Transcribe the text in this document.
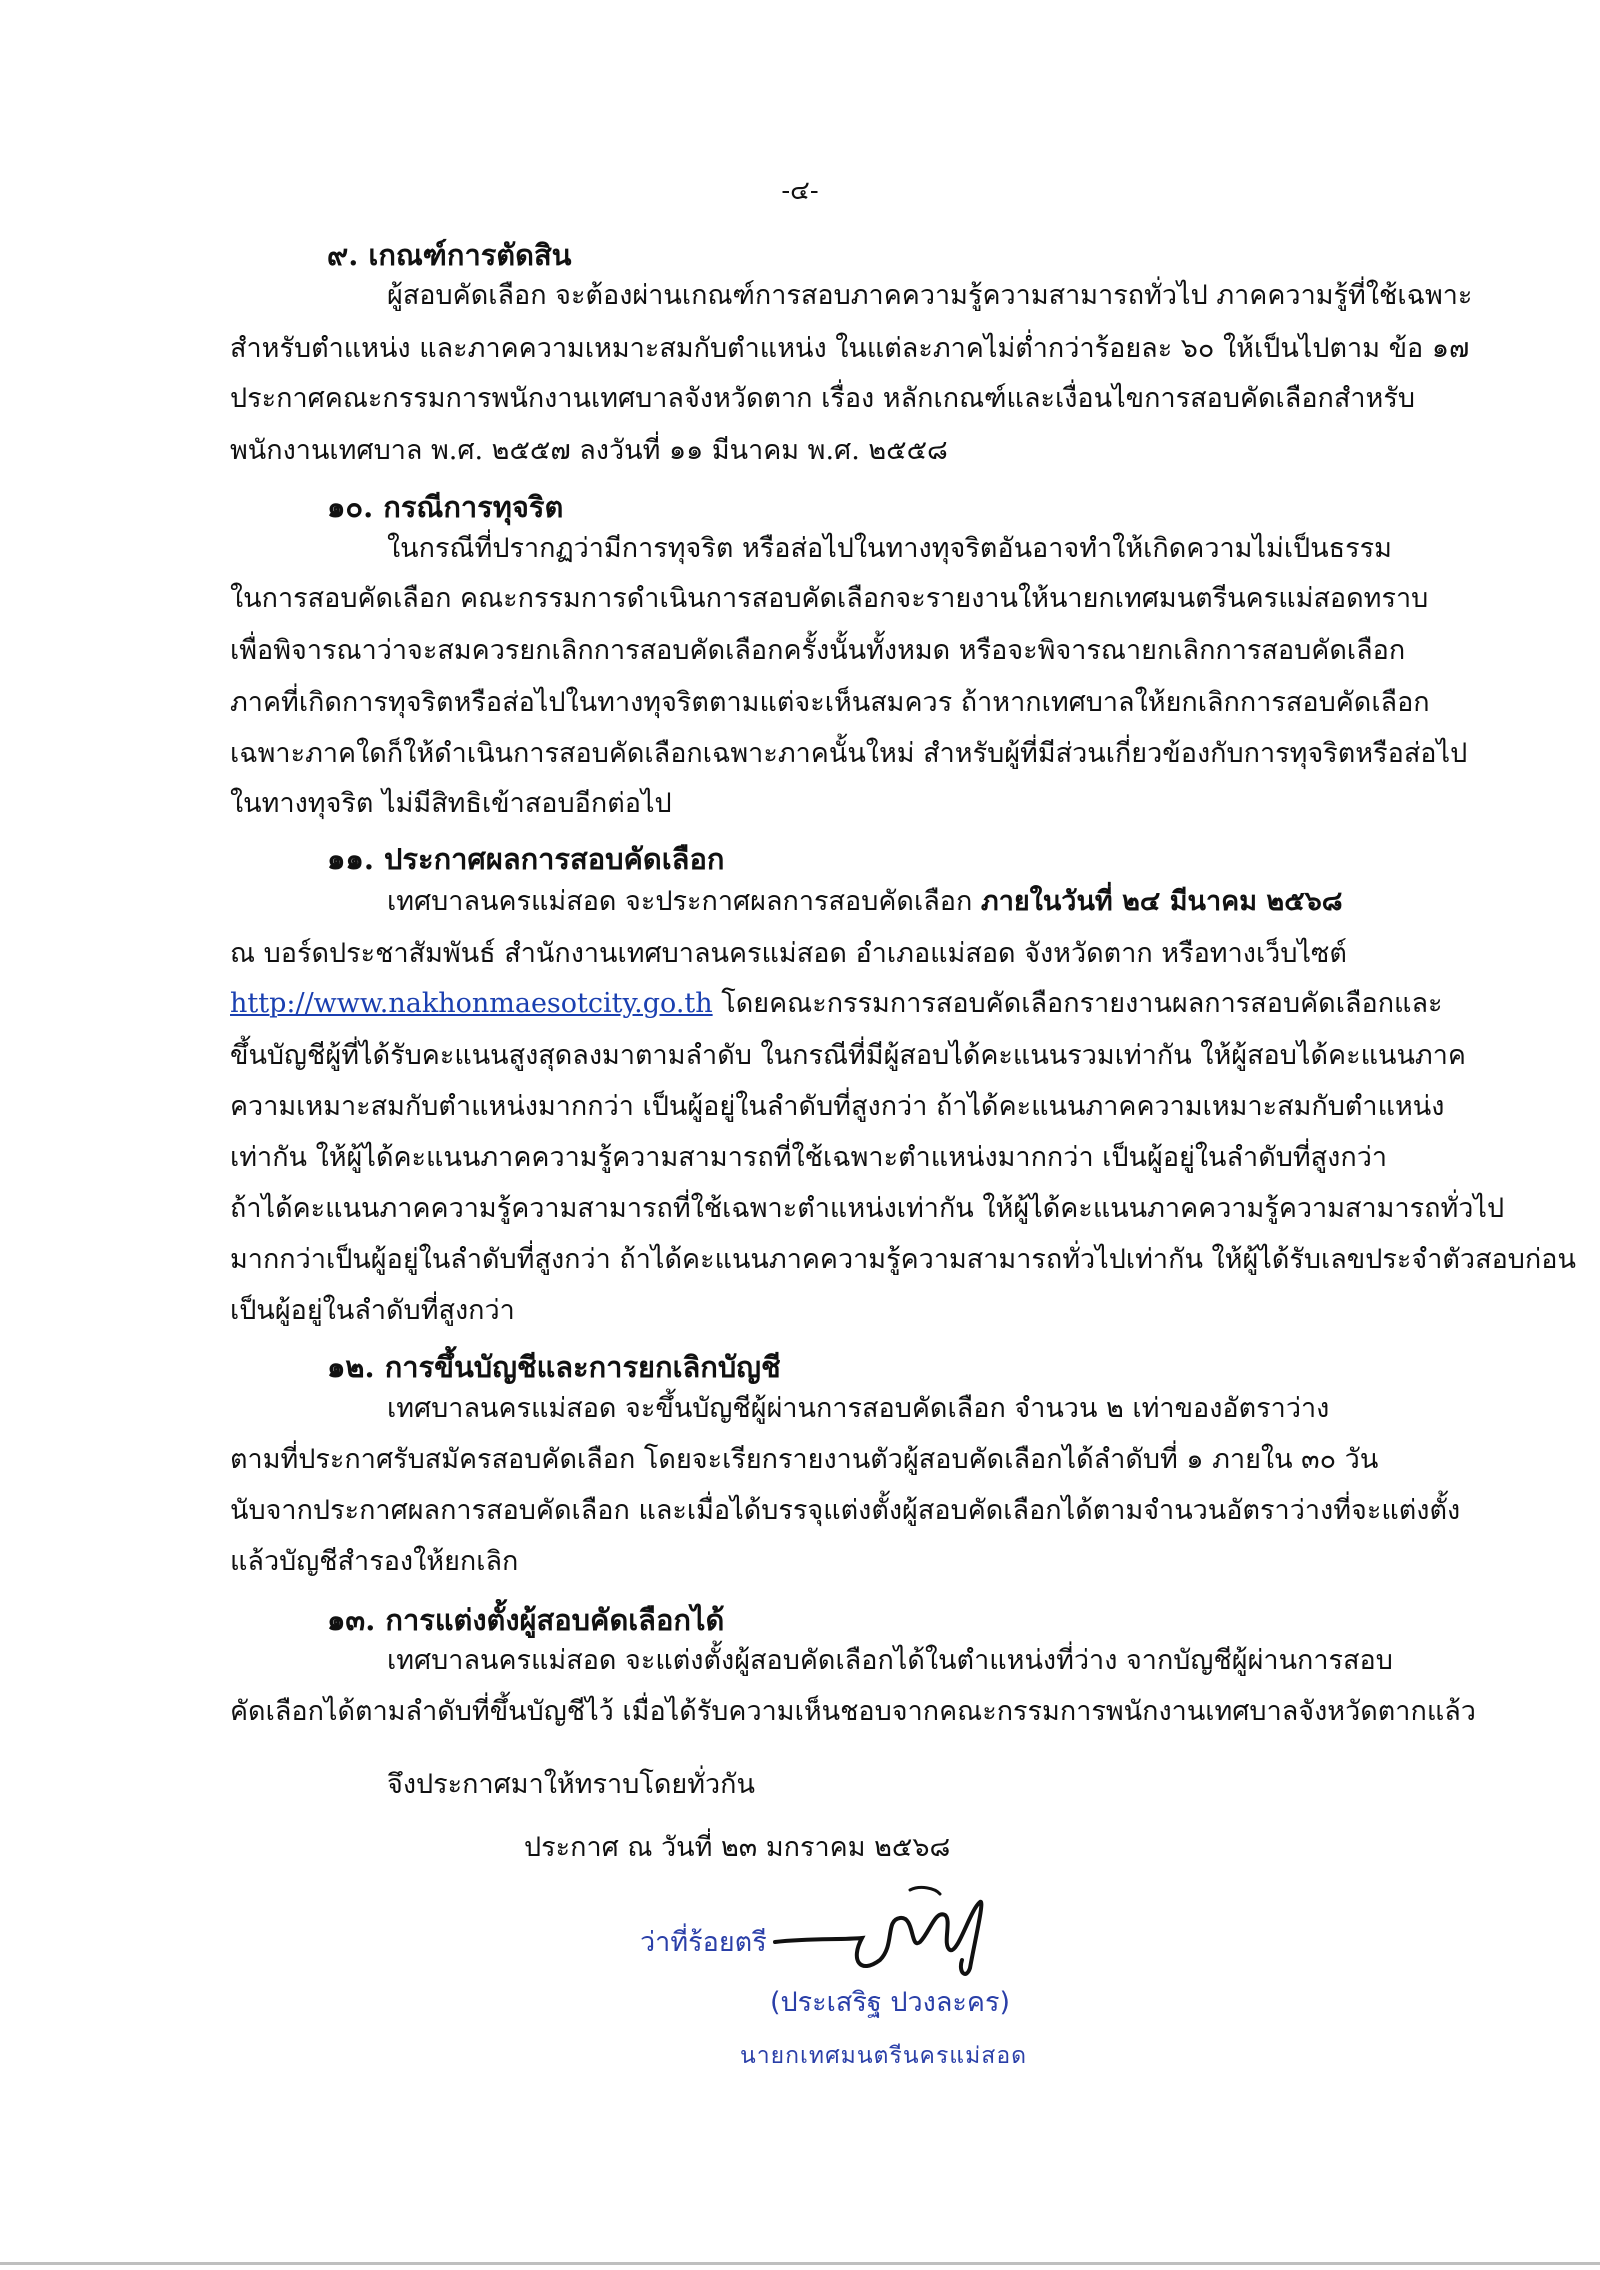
-๔-
๙. เกณฑ์การตัดสิน
ผู้สอบคัดเลือก จะต้องผ่านเกณฑ์การสอบภาคความรู้ความสามารถทั่วไป ภาคความรู้ที่ใช้เฉพาะ
สำหรับตำแหน่ง และภาคความเหมาะสมกับตำแหน่ง ในแต่ละภาคไม่ต่ำกว่าร้อยละ ๖๐ ให้เป็นไปตาม ข้อ ๑๗
ประกาศคณะกรรมการพนักงานเทศบาลจังหวัดตาก เรื่อง หลักเกณฑ์และเงื่อนไขการสอบคัดเลือกสำหรับ
พนักงานเทศบาล พ.ศ. ๒๕๕๗ ลงวันที่ ๑๑ มีนาคม พ.ศ. ๒๕๕๘
๑๐. กรณีการทุจริต
ในกรณีที่ปรากฏว่ามีการทุจริต หรือส่อไปในทางทุจริตอันอาจทำให้เกิดความไม่เป็นธรรม
ในการสอบคัดเลือก คณะกรรมการดำเนินการสอบคัดเลือกจะรายงานให้นายกเทศมนตรีนครแม่สอดทราบ
เพื่อพิจารณาว่าจะสมควรยกเลิกการสอบคัดเลือกครั้งนั้นทั้งหมด หรือจะพิจารณายกเลิกการสอบคัดเลือก
ภาคที่เกิดการทุจริตหรือส่อไปในทางทุจริตตามแต่จะเห็นสมควร ถ้าหากเทศบาลให้ยกเลิกการสอบคัดเลือก
เฉพาะภาคใดก็ให้ดำเนินการสอบคัดเลือกเฉพาะภาคนั้นใหม่ สำหรับผู้ที่มีส่วนเกี่ยวข้องกับการทุจริตหรือส่อไป
ในทางทุจริต ไม่มีสิทธิเข้าสอบอีกต่อไป
๑๑. ประกาศผลการสอบคัดเลือก
เทศบาลนครแม่สอด จะประกาศผลการสอบคัดเลือก ภายในวันที่ ๒๔ มีนาคม ๒๕๖๘
ณ บอร์ดประชาสัมพันธ์ สำนักงานเทศบาลนครแม่สอด อำเภอแม่สอด จังหวัดตาก หรือทางเว็บไซต์
http://www.nakhonmaesotcity.go.th โดยคณะกรรมการสอบคัดเลือกรายงานผลการสอบคัดเลือกและ
ขึ้นบัญชีผู้ที่ได้รับคะแนนสูงสุดลงมาตามลำดับ ในกรณีที่มีผู้สอบได้คะแนนรวมเท่ากัน ให้ผู้สอบได้คะแนนภาค
ความเหมาะสมกับตำแหน่งมากกว่า เป็นผู้อยู่ในลำดับที่สูงกว่า ถ้าได้คะแนนภาคความเหมาะสมกับตำแหน่ง
เท่ากัน ให้ผู้ได้คะแนนภาคความรู้ความสามารถที่ใช้เฉพาะตำแหน่งมากกว่า เป็นผู้อยู่ในลำดับที่สูงกว่า
ถ้าได้คะแนนภาคความรู้ความสามารถที่ใช้เฉพาะตำแหน่งเท่ากัน ให้ผู้ได้คะแนนภาคความรู้ความสามารถทั่วไป
มากกว่าเป็นผู้อยู่ในลำดับที่สูงกว่า ถ้าได้คะแนนภาคความรู้ความสามารถทั่วไปเท่ากัน ให้ผู้ได้รับเลขประจำตัวสอบก่อน
เป็นผู้อยู่ในลำดับที่สูงกว่า
๑๒. การขึ้นบัญชีและการยกเลิกบัญชี
เทศบาลนครแม่สอด จะขึ้นบัญชีผู้ผ่านการสอบคัดเลือก จำนวน ๒ เท่าของอัตราว่าง
ตามที่ประกาศรับสมัครสอบคัดเลือก โดยจะเรียกรายงานตัวผู้สอบคัดเลือกได้ลำดับที่ ๑ ภายใน ๓๐ วัน
นับจากประกาศผลการสอบคัดเลือก และเมื่อได้บรรจุแต่งตั้งผู้สอบคัดเลือกได้ตามจำนวนอัตราว่างที่จะแต่งตั้ง
แล้วบัญชีสำรองให้ยกเลิก
๑๓. การแต่งตั้งผู้สอบคัดเลือกได้
เทศบาลนครแม่สอด จะแต่งตั้งผู้สอบคัดเลือกได้ในตำแหน่งที่ว่าง จากบัญชีผู้ผ่านการสอบ
คัดเลือกได้ตามลำดับที่ขึ้นบัญชีไว้ เมื่อได้รับความเห็นชอบจากคณะกรรมการพนักงานเทศบาลจังหวัดตากแล้ว
จึงประกาศมาให้ทราบโดยทั่วกัน
ประกาศ ณ วันที่ ๒๓ มกราคม ๒๕๖๘
ว่าที่ร้อยตรี
(ประเสริฐ ปวงละคร)
นายกเทศมนตรีนครแม่สอด
